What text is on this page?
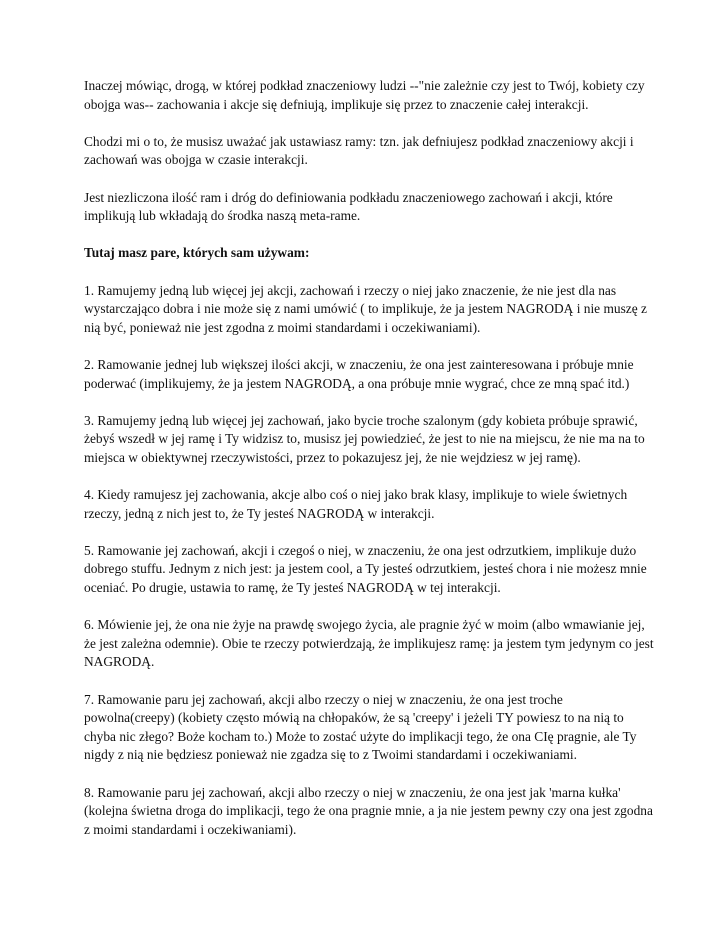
Inaczej mówiąc, drogą, w której podkład znaczeniowy ludzi --"nie zależnie czy jest to Twój, kobiety czy obojga was-- zachowania i akcje się defniują, implikuje się przez to znaczenie całej interakcji.

Chodzi mi o to, że musisz uważać jak ustawiasz ramy: tzn. jak defniujesz podkład znaczeniowy akcji i zachowań was obojga w czasie interakcji.

Jest niezliczona ilość ram i dróg do definiowania podkładu znaczeniowego zachowań i akcji, które implikują lub wkładają do środka naszą meta-rame.

Tutaj masz pare, których sam używam:

1. Ramujemy jedną lub więcej jej akcji, zachowań i rzeczy o niej jako znaczenie, że nie jest dla nas wystarczająco dobra i nie może się z nami umówić ( to implikuje, że ja jestem NAGRODĄ i nie muszę z nią być, ponieważ nie jest zgodna z moimi standardami i oczekiwaniami).

2. Ramowanie jednej lub większej ilości akcji, w znaczeniu, że ona jest zainteresowana i próbuje mnie poderwać (implikujemy, że ja jestem NAGRODĄ, a ona próbuje mnie wygrać, chce ze mną spać itd.)

3. Ramujemy jedną lub więcej jej zachowań, jako bycie troche szalonym (gdy kobieta próbuje sprawić, żebyś wszedł w jej ramę i Ty widzisz to, musisz jej powiedzieć, że jest to nie na miejscu, że nie ma na to miejsca w obiektywnej rzeczywistości, przez to pokazujesz jej, że nie wejdziesz w jej ramę).

4. Kiedy ramujesz jej zachowania, akcje albo coś o niej jako brak klasy, implikuje to wiele świetnych rzeczy, jedną z nich jest to, że Ty jesteś NAGRODĄ w interakcji.

5. Ramowanie jej zachowań, akcji i czegoś o niej, w znaczeniu, że ona jest odrzutkiem, implikuje dużo dobrego stuffu. Jednym z nich jest: ja jestem cool, a Ty jesteś odrzutkiem, jesteś chora i nie możesz mnie oceniać. Po drugie, ustawia to ramę, że Ty jesteś NAGRODĄ w tej interakcji.

6. Mówienie jej, że ona nie żyje na prawdę swojego życia, ale pragnie żyć w moim (albo wmawianie jej, że jest zależna odemnie). Obie te rzeczy potwierdzają, że implikujesz ramę: ja jestem tym jedynym co jest NAGRODĄ.

7. Ramowanie paru jej zachowań, akcji albo rzeczy o niej w znaczeniu, że ona jest troche powolna(creepy) (kobiety często mówią na chłopaków, że są 'creepy' i jeżeli TY powiesz to na nią to chyba nic złego? Boże kocham to.) Może to zostać użyte do implikacji tego, że ona CIę pragnie, ale Ty nigdy z nią nie będziesz ponieważ nie zgadza się to z Twoimi standardami i oczekiwaniami.

8. Ramowanie paru jej zachowań, akcji albo rzeczy o niej w znaczeniu, że ona jest jak 'marna kułka' (kolejna świetna droga do implikacji, tego że ona pragnie mnie, a ja nie jestem pewny czy ona jest zgodna z moimi standardami i oczekiwaniami).
